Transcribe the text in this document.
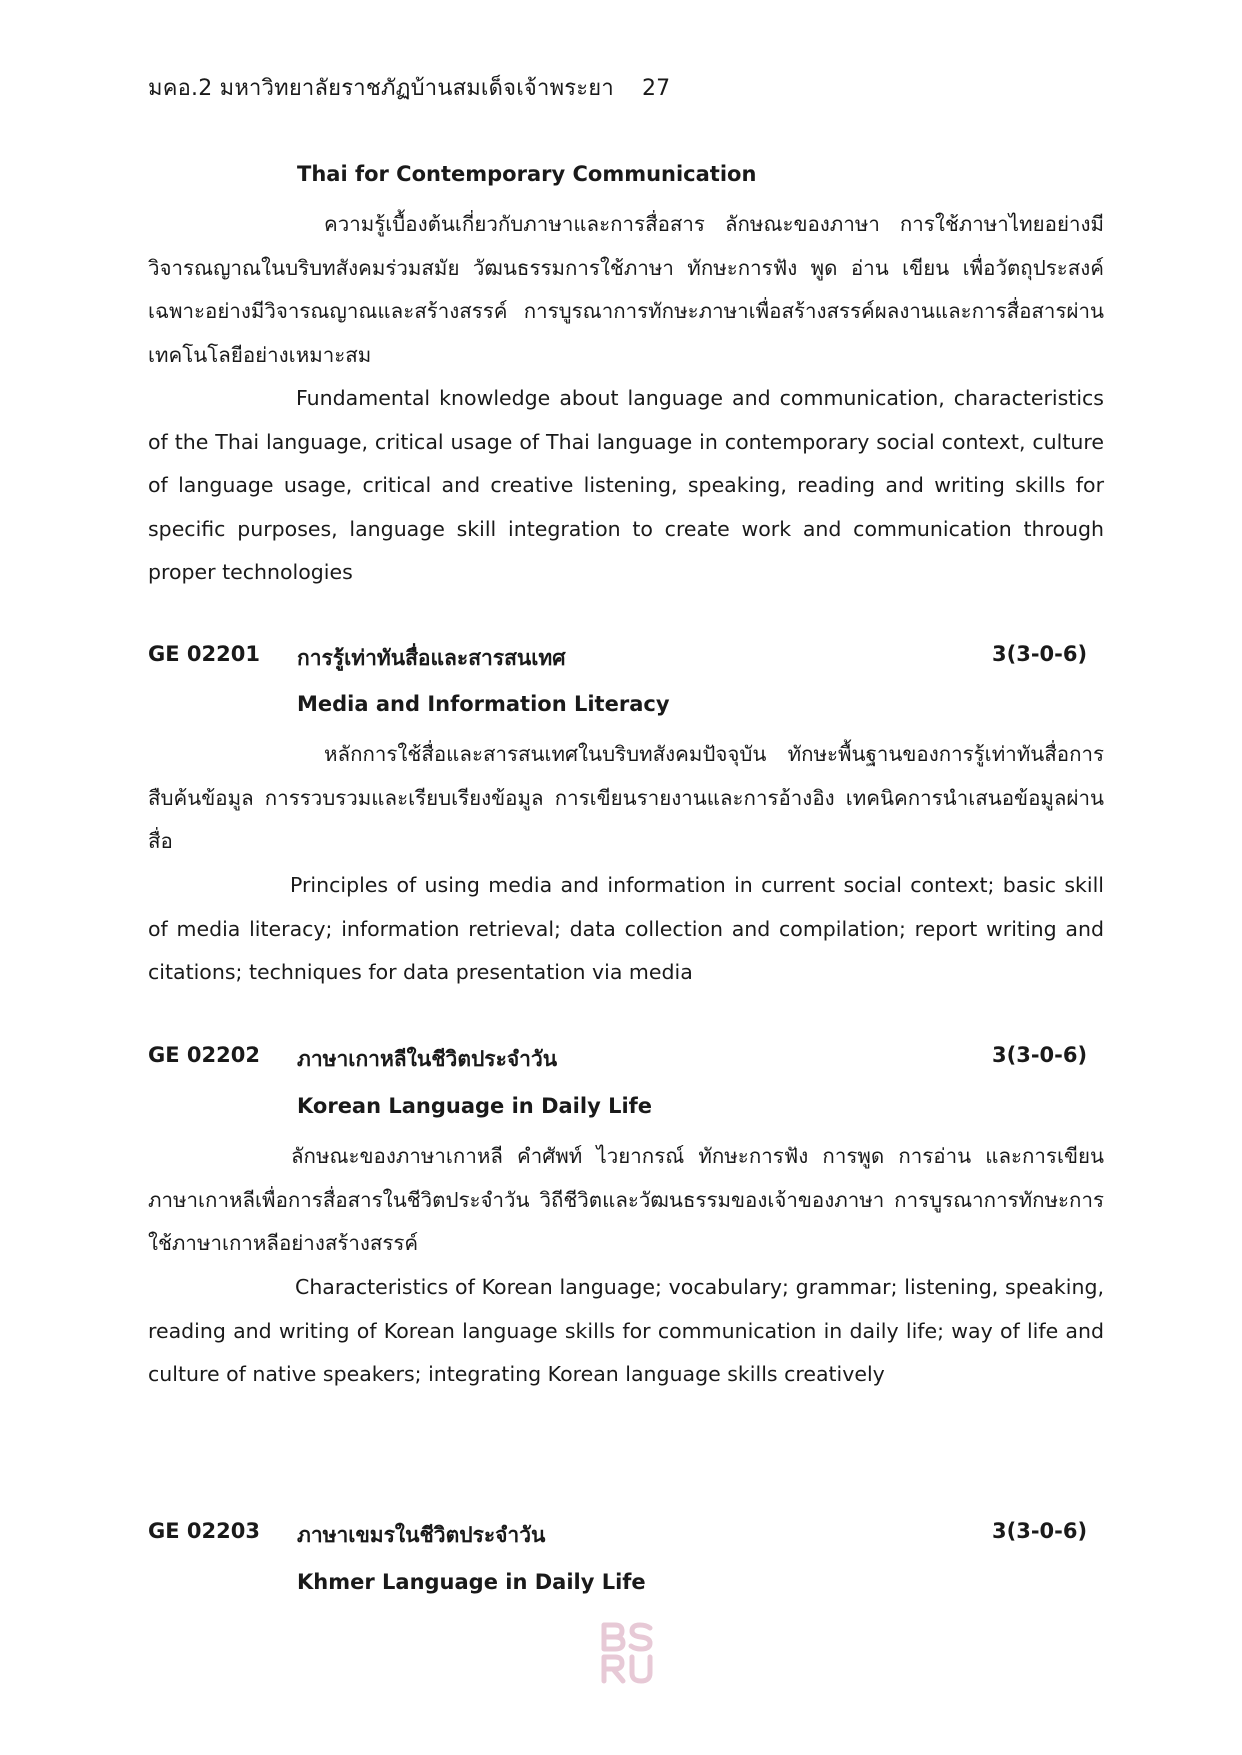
มคอ.2 มหาวิทยาลัยราชภัฏบ้านสมเด็จเจ้าพระยา 27
Thai for Contemporary Communication

ความรู้เบื้องต้นเกี่ยวกับภาษาและการสื่อสาร ลักษณะของภาษา การใช้ภาษาไทยอย่างมีวิจารณญาณในบริบทสังคมร่วมสมัย วัฒนธรรมการใช้ภาษา ทักษะการฟัง พูด อ่าน เขียน เพื่อวัตถุประสงค์เฉพาะอย่างมีวิจารณญาณและสร้างสรรค์ การบูรณาการทักษะภาษาเพื่อสร้างสรรค์ผลงานและการสื่อสารผ่านเทคโนโลยีอย่างเหมาะสม

Fundamental knowledge about language and communication, characteristics of the Thai language, critical usage of Thai language in contemporary social context, culture of language usage, critical and creative listening, speaking, reading and writing skills for specific purposes, language skill integration to create work and communication through proper technologies

GE 02201 การรู้เท่าทันสื่อและสารสนเทศ	3(3-0-6)
Media and Information Literacy

หลักการใช้สื่อและสารสนเทศในบริบทสังคมปัจจุบัน ทักษะพื้นฐานของการรู้เท่าทันสื่อการสืบค้นข้อมูล การรวบรวมและเรียบเรียงข้อมูล การเขียนรายงานและการอ้างอิง เทคนิคการนำเสนอข้อมูลผ่านสื่อ

Principles of using media and information in current social context; basic skill of media literacy; information retrieval; data collection and compilation; report writing and citations; techniques for data presentation via media

GE 02202 ภาษาเกาหลีในชีวิตประจำวัน	3(3-0-6)
Korean Language in Daily Life

ลักษณะของภาษาเกาหลี คำศัพท์ ไวยากรณ์ ทักษะการฟัง การพูด การอ่าน และการเขียนภาษาเกาหลีเพื่อการสื่อสารในชีวิตประจำวัน วิถีชีวิตและวัฒนธรรมของเจ้าของภาษา การบูรณาการทักษะการใช้ภาษาเกาหลีอย่างสร้างสรรค์

Characteristics of Korean language; vocabulary; grammar; listening, speaking, reading and writing of Korean language skills for communication in daily life; way of life and culture of native speakers; integrating Korean language skills creatively

GE 02203 ภาษาเขมรในชีวิตประจำวัน	3(3-0-6)
Khmer Language in Daily Life
